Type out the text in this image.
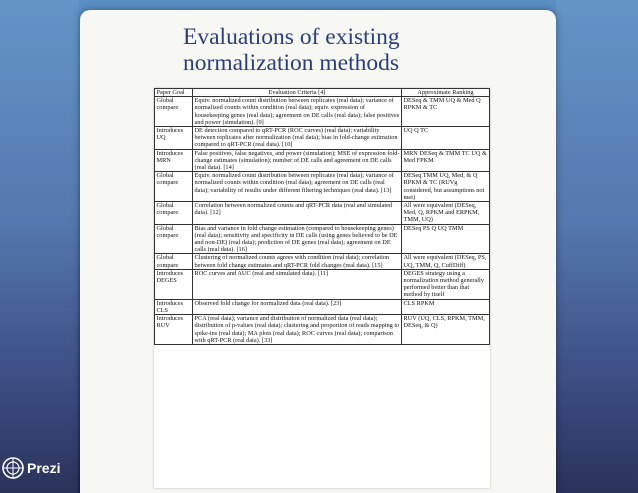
Evaluations of existing normalization methods
Paper Goal	Evaluation Criteria [4]	Approximate Ranking
Global compare	Equiv. normalized count distribution between replicates (real data); variance of normalized counts within condition (real data); equiv. expression of housekeeping genes (real data); agreement on DE calls (real data); false positives and power (simulation). [9]	DESeq & TMM UQ & Med Q RPKM & TC
Introduces UQ	DE detection compared to qRT-PCR (ROC curves) (real data); variability between replicates after normalization (real data); bias in fold-change estimation compared to qRT-PCR (real data). [10]	UQ Q TC
Introduces MRN	False positives, false negatives, and power (simulation); MSE of expression fold-change estimates (simulation); number of DE calls and agreement on DE calls (real data). [14]	MRN DESeq & TMM TC UQ & Med FPKM
Global compare	Equiv. normalized count distribution between replicates (real data); variance of normalized counts within condition (real data); agreement on DE calls (real data); variability of results under different filtering techniques (real data). [13]	DESeq TMM UQ, Med, & Q RPKM & TC (RUVg considered, but assumptions not met)
Global compare	Correlation between normalized counts and qRT-PCR data (real and simulated data). [12]	All were equivalent (DESeq, Med, Q, RPKM and ERPKM, TMM, UQ)
Global compare	Bias and variance in fold change estimation (compared to housekeeping genes) (real data); sensitivity and specificity in DE calls (using genes believed to be DE and non-DE) (real data); prediction of DE genes (real data); agreement on DE calls (real data). [16]	DESeq PS Q UQ TMM
Global compare	Clustering of normalized counts agrees with condition (real data); correlation between fold change estimates and qRT-PCR fold changes (real data). [15]	All were equivalent (DESeq, PS, UQ, TMM, Q, CuffDiff)
Introduces DEGES	ROC curves and AUC (real and simulated data). [11]	DEGES strategy using a normalization method generally performed better than that method by itself
Introduces CLS	Observed fold change for normalized data (real data). [23]	CLS RPKM
Introduces RUV	PCA (real data); variance and distribution of normalized data (real data); distribution of p-values (real data); clustering and proportion of reads mapping to spike-ins (real data); MA plots (real data); ROC curves (real data); comparison with qRT-PCR (real data). [33]	RUV (UQ, CLS, RPKM, TMM, DESeq, & Q)
Prezi
